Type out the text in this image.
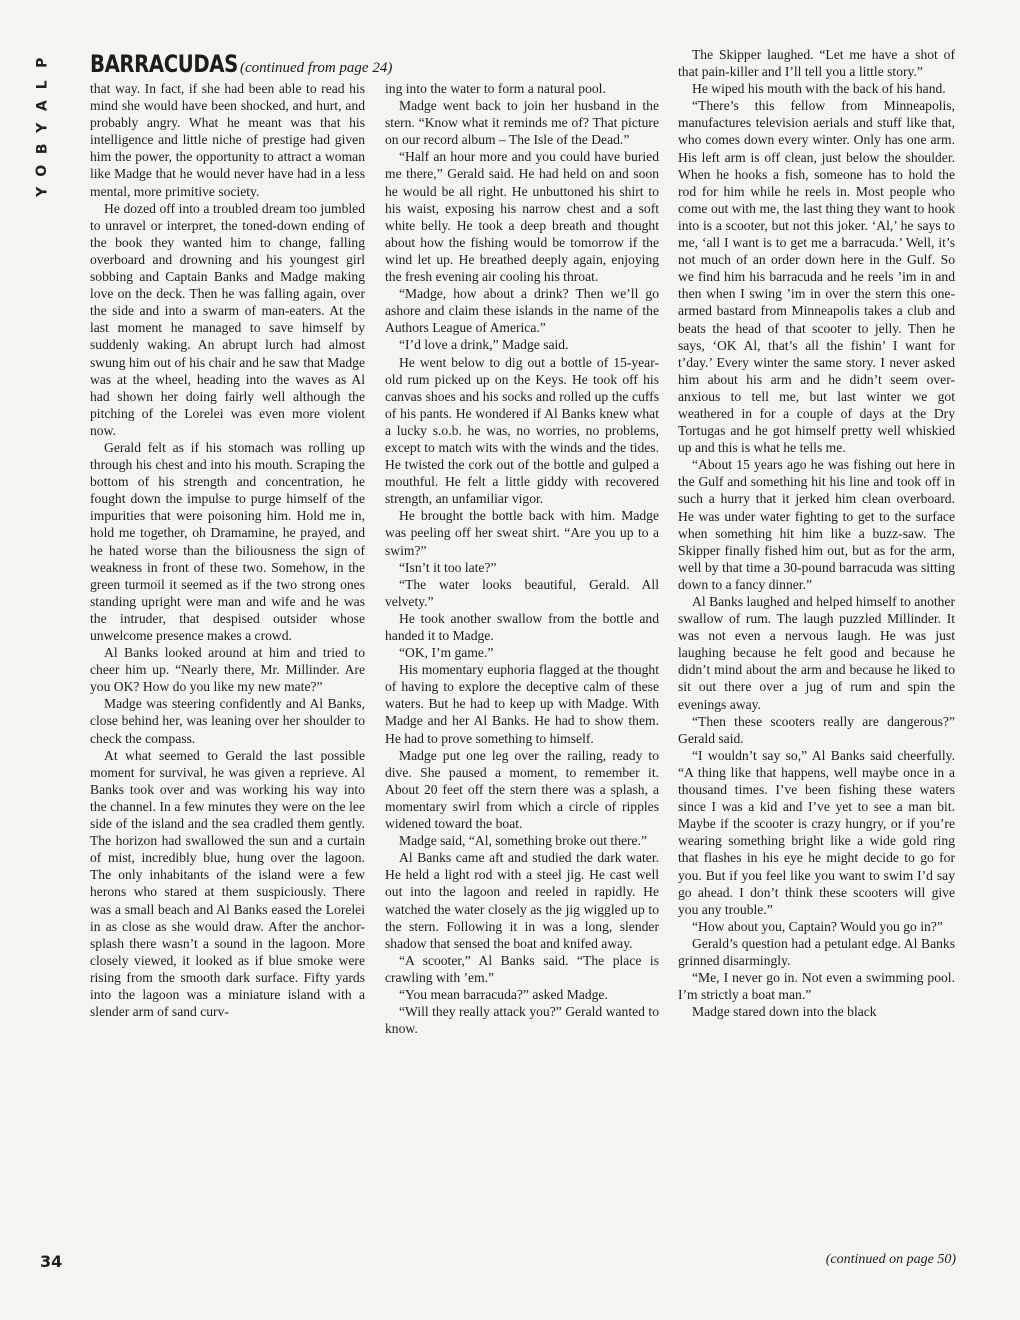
P
L
A
Y
B
O
Y
BARRACUDAS (continued from page 24)

that way. In fact, if she had been able to read his mind she would have been shocked, and hurt, and probably angry. What he meant was that his intelligence and little niche of prestige had given him the power, the opportunity to attract a woman like Madge that he would never have had in a less mental, more primitive society.

He dozed off into a troubled dream too jumbled to unravel or interpret, the toned-down ending of the book they wanted him to change, falling overboard and drowning and his youngest girl sobbing and Captain Banks and Madge making love on the deck. Then he was falling again, over the side and into a swarm of man-eaters. At the last moment he managed to save himself by suddenly waking. An abrupt lurch had almost swung him out of his chair and he saw that Madge was at the wheel, heading into the waves as Al had shown her doing fairly well although the pitching of the Lorelei was even more violent now.

Gerald felt as if his stomach was rolling up through his chest and into his mouth. Scraping the bottom of his strength and concentration, he fought down the impulse to purge himself of the impurities that were poisoning him. Hold me in, hold me together, oh Dramamine, he prayed, and he hated worse than the biliousness the sign of weakness in front of these two. Somehow, in the green turmoil it seemed as if the two strong ones standing upright were man and wife and he was the intruder, that despised outsider whose unwelcome presence makes a crowd.

Al Banks looked around at him and tried to cheer him up. “Nearly there, Mr. Millinder. Are you OK? How do you like my new mate?”

Madge was steering confidently and Al Banks, close behind her, was leaning over her shoulder to check the compass.

At what seemed to Gerald the last possible moment for survival, he was given a reprieve. Al Banks took over and was working his way into the channel. In a few minutes they were on the lee side of the island and the sea cradled them gently. The horizon had swallowed the sun and a curtain of mist, incredibly blue, hung over the lagoon. The only inhabitants of the island were a few herons who stared at them suspiciously. There was a small beach and Al Banks eased the Lorelei in as close as she would draw. After the anchor-splash there wasn’t a sound in the lagoon. More closely viewed, it looked as if blue smoke were rising from the smooth dark surface. Fifty yards into the lagoon was a miniature island with a slender arm of sand curv-

ing into the water to form a natural pool.

Madge went back to join her husband in the stern. “Know what it reminds me of? That picture on our record album – The Isle of the Dead.”

“Half an hour more and you could have buried me there,” Gerald said. He had held on and soon he would be all right. He unbuttoned his shirt to his waist, exposing his narrow chest and a soft white belly. He took a deep breath and thought about how the fishing would be tomorrow if the wind let up. He breathed deeply again, enjoying the fresh evening air cooling his throat.

“Madge, how about a drink? Then we’ll go ashore and claim these islands in the name of the Authors League of America.”

“I’d love a drink,” Madge said.

He went below to dig out a bottle of 15-year-old rum picked up on the Keys. He took off his canvas shoes and his socks and rolled up the cuffs of his pants. He wondered if Al Banks knew what a lucky s.o.b. he was, no worries, no problems, except to match wits with the winds and the tides. He twisted the cork out of the bottle and gulped a mouthful. He felt a little giddy with recovered strength, an unfamiliar vigor.

He brought the bottle back with him. Madge was peeling off her sweat shirt. “Are you up to a swim?”

“Isn’t it too late?”

“The water looks beautiful, Gerald. All velvety.”

He took another swallow from the bottle and handed it to Madge.

“OK, I’m game.”

His momentary euphoria flagged at the thought of having to explore the deceptive calm of these waters. But he had to keep up with Madge. With Madge and her Al Banks. He had to show them. He had to prove something to himself.

Madge put one leg over the railing, ready to dive. She paused a moment, to remember it. About 20 feet off the stern there was a splash, a momentary swirl from which a circle of ripples widened toward the boat.

Madge said, “Al, something broke out there.”

Al Banks came aft and studied the dark water. He held a light rod with a steel jig. He cast well out into the lagoon and reeled in rapidly. He watched the water closely as the jig wiggled up to the stern. Following it in was a long, slender shadow that sensed the boat and knifed away.

“A scooter,” Al Banks said. “The place is crawling with ’em.”

“You mean barracuda?” asked Madge.

“Will they really attack you?” Gerald wanted to know.

The Skipper laughed. “Let me have a shot of that pain-killer and I’ll tell you a little story.”

He wiped his mouth with the back of his hand.

“There’s this fellow from Minneapolis, manufactures television aerials and stuff like that, who comes down every winter. Only has one arm. His left arm is off clean, just below the shoulder. When he hooks a fish, someone has to hold the rod for him while he reels in. Most people who come out with me, the last thing they want to hook into is a scooter, but not this joker. ‘Al,’ he says to me, ‘all I want is to get me a barracuda.’ Well, it’s not much of an order down here in the Gulf. So we find him his barracuda and he reels ’im in and then when I swing ’im in over the stern this one-armed bastard from Minneapolis takes a club and beats the head of that scooter to jelly. Then he says, ‘OK Al, that’s all the fishin’ I want for t’day.’ Every winter the same story. I never asked him about his arm and he didn’t seem over-anxious to tell me, but last winter we got weathered in for a couple of days at the Dry Tortugas and he got himself pretty well whiskied up and this is what he tells me.

“About 15 years ago he was fishing out here in the Gulf and something hit his line and took off in such a hurry that it jerked him clean overboard. He was under water fighting to get to the surface when something hit him like a buzz-saw. The Skipper finally fished him out, but as for the arm, well by that time a 30-pound barracuda was sitting down to a fancy dinner.”

Al Banks laughed and helped himself to another swallow of rum. The laugh puzzled Millinder. It was not even a nervous laugh. He was just laughing because he felt good and because he didn’t mind about the arm and because he liked to sit out there over a jug of rum and spin the evenings away.

“Then these scooters really are dangerous?” Gerald said.

“I wouldn’t say so,” Al Banks said cheerfully. “A thing like that happens, well maybe once in a thousand times. I’ve been fishing these waters since I was a kid and I’ve yet to see a man bit. Maybe if the scooter is crazy hungry, or if you’re wearing something bright like a wide gold ring that flashes in his eye he might decide to go for you. But if you feel like you want to swim I’d say go ahead. I don’t think these scooters will give you any trouble.”

“How about you, Captain? Would you go in?”

Gerald’s question had a petulant edge. Al Banks grinned disarmingly.

“Me, I never go in. Not even a swimming pool. I’m strictly a boat man.”

Madge stared down into the black

34	(continued on page 50)
